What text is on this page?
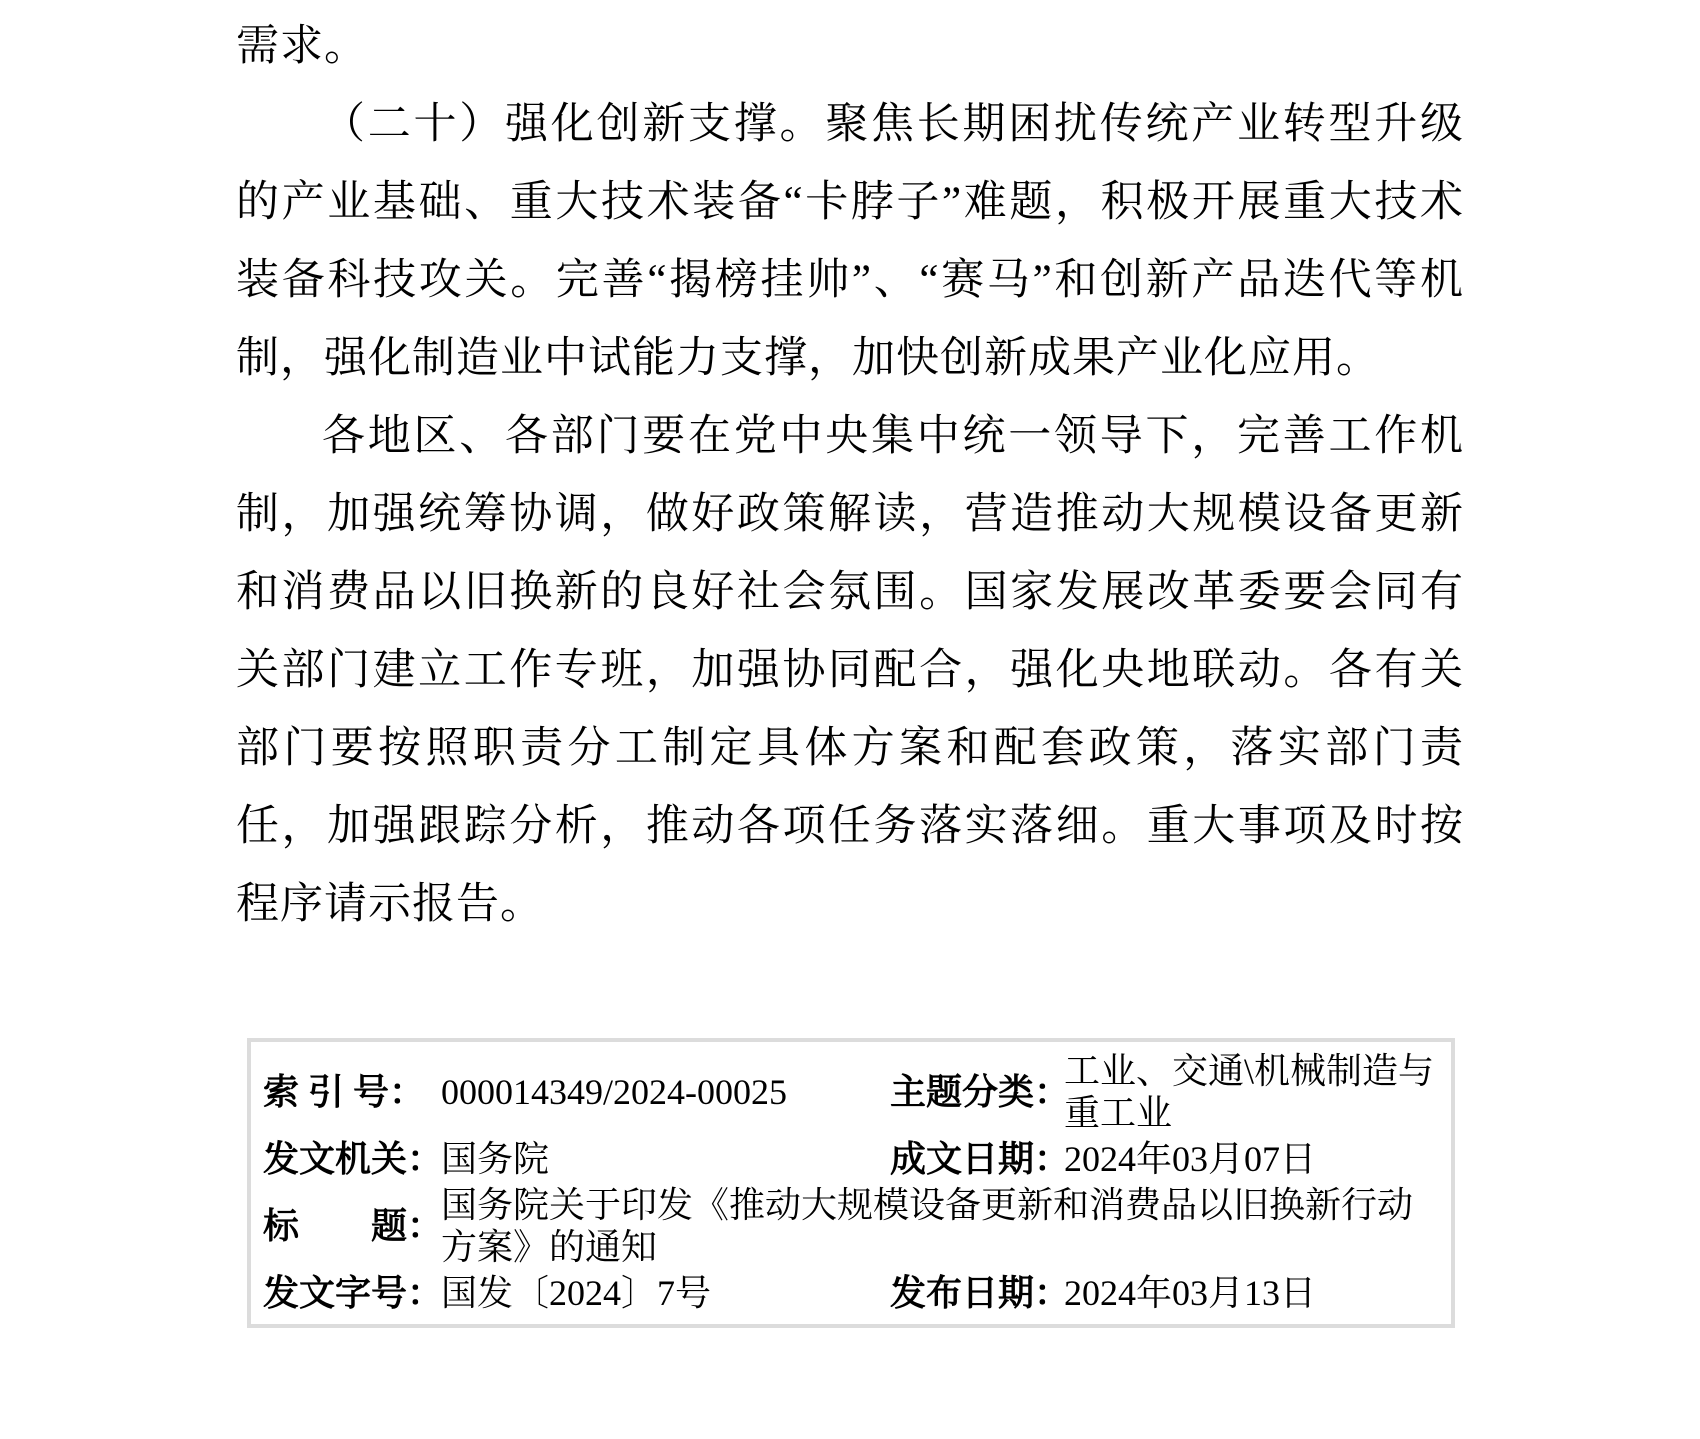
需求。

（二十）强化创新支撑。聚焦长期困扰传统产业转型升级的产业基础、重大技术装备“卡脖子”难题，积极开展重大技术装备科技攻关。完善“揭榜挂帅”、“赛马”和创新产品迭代等机制，强化制造业中试能力支撑，加快创新成果产业化应用。

各地区、各部门要在党中央集中统一领导下，完善工作机制，加强统筹协调，做好政策解读，营造推动大规模设备更新和消费品以旧换新的良好社会氛围。国家发展改革委要会同有关部门建立工作专班，加强协同配合，强化央地联动。各有关部门要按照职责分工制定具体方案和配套政策，落实部门责任，加强跟踪分析，推动各项任务落实落细。重大事项及时按程序请示报告。

索 引 号： 000014349/2024-00025	主题分类：
工业、交通\机械制造与重工业
发文机关：
国务院	成文日期：
2024年03月07日
标　　题：
国务院关于印发《推动大规模设备更新和消费品以旧换新行动方案》的通知
发文字号：
国发〔2024〕7号	发布日期：
2024年03月13日
